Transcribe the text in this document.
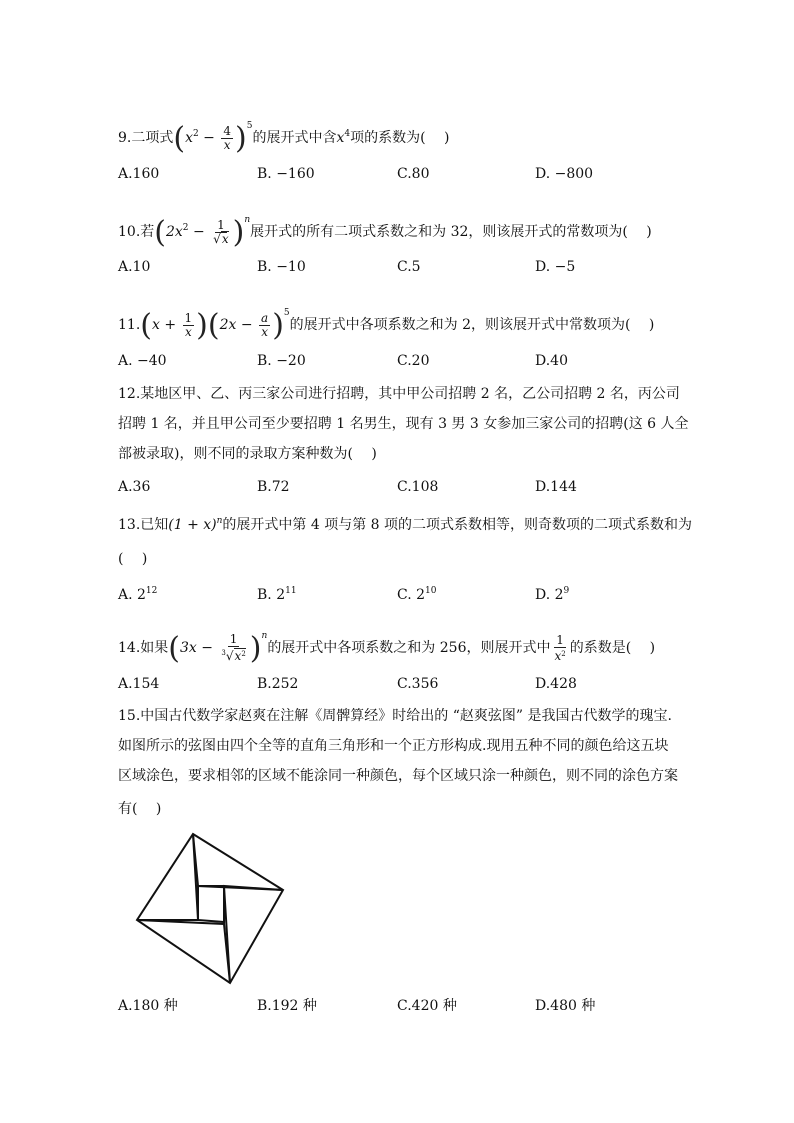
9.二项式$(x^2 - \frac{4}{x} )^5$的展开式中含$x^4$项的系数为(　 )
A.160	B. −160	C.80	D. −800
10.若$(2x^2 - \frac{1}{√x} )^n$展开式的所有二项式系数之和为 32，则该展开式的常数项为(　 )
A.10	B. −10	C.5	D. −5
$11.(x + \frac{1}{x} )(2x - \frac{a}{x} )^5$的展开式中各项系数之和为 2，则该展开式中常数项为(　 )
A. −40	B. −20	C.20	D.40
12.某地区甲、乙、丙三家公司进行招聘，其中甲公司招聘 2 名，乙公司招聘 2 名，丙公司
招聘 1 名，并且甲公司至少要招聘 1 名男生，现有 3 男 3 女参加三家公司的招聘(这 6 人全
部被录取)，则不同的录取方案种数为(　 )
A.36	B.72	C.108	D.144
13.已知$(1 + x)^n$的展开式中第 4 项与第 8 项的二项式系数相等，则奇数项的二项式系数和为
(　 )
A. $2^{12}$	B. $2^{11}$	C. $2^{10}$	D. $2^9$
14.如果$(3x - \frac{1}{^3√x^2} )^n$的展开式中各项系数之和为 256，则展开式中 $\frac{1}{x^2}$ 的系数是(　 )
A.154	B.252	C.356	D.428
15.中国古代数学家赵爽在注解《周髀算经》时给出的 “赵爽弦图” 是我国古代数学的瑰宝.
如图所示的弦图由四个全等的直角三角形和一个正方形构成.现用五种不同的颜色给这五块
区域涂色，要求相邻的区域不能涂同一种颜色，每个区域只涂一种颜色，则不同的涂色方案
有(　 )
A.180 种	B.192 种	C.420 种	D.480 种
